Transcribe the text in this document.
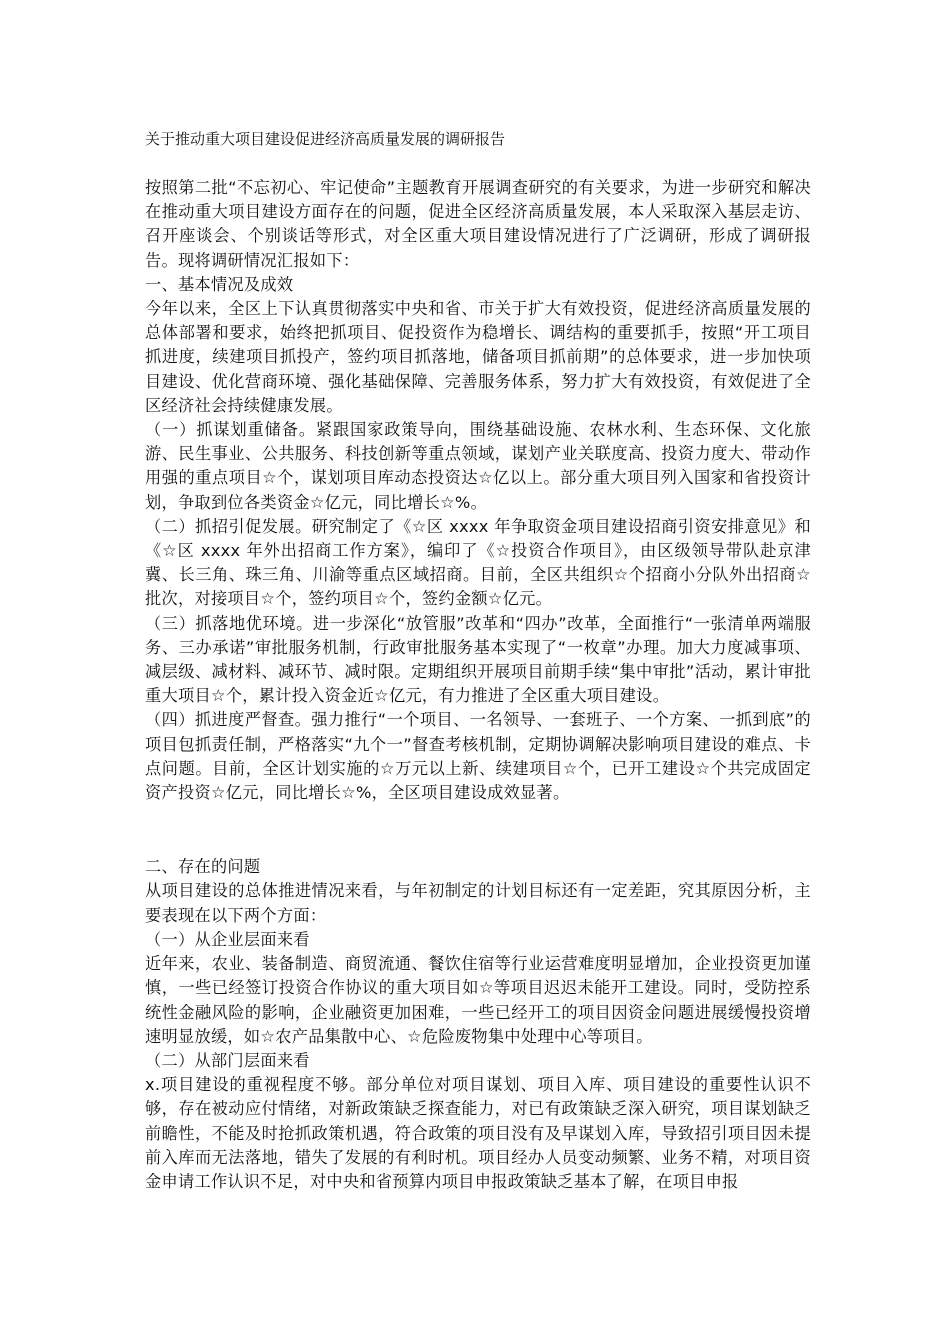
关于推动重大项目建设促进经济高质量发展的调研报告

按照第二批“不忘初心、牢记使命”主题教育开展调查研究的有关要求，为进一步研究和解决在推动重大项目建设方面存在的问题，促进全区经济高质量发展，本人采取深入基层走访、召开座谈会、个别谈话等形式，对全区重大项目建设情况进行了广泛调研，形成了调研报告。现将调研情况汇报如下：

一、基本情况及成效

今年以来，全区上下认真贯彻落实中央和省、市关于扩大有效投资，促进经济高质量发展的总体部署和要求，始终把抓项目、促投资作为稳增长、调结构的重要抓手，按照“开工项目抓进度，续建项目抓投产，签约项目抓落地，储备项目抓前期”的总体要求，进一步加快项目建设、优化营商环境、强化基础保障、完善服务体系，努力扩大有效投资，有效促进了全区经济社会持续健康发展。

（一）抓谋划重储备。紧跟国家政策导向，围绕基础设施、农林水利、生态环保、文化旅游、民生事业、公共服务、科技创新等重点领域，谋划产业关联度高、投资力度大、带动作用强的重点项目☆个，谋划项目库动态投资达☆亿以上。部分重大项目列入国家和省投资计划，争取到位各类资金☆亿元，同比增长☆%。

（二）抓招引促发展。研究制定了《☆区 xxxx 年争取资金项目建设招商引资安排意见》和《☆区 xxxx 年外出招商工作方案》，编印了《☆投资合作项目》，由区级领导带队赴京津冀、长三角、珠三角、川渝等重点区域招商。目前，全区共组织☆个招商小分队外出招商☆批次，对接项目☆个，签约项目☆个，签约金额☆亿元。

（三）抓落地优环境。进一步深化“放管服”改革和“四办”改革，全面推行“一张清单两端服务、三办承诺”审批服务机制，行政审批服务基本实现了“一枚章”办理。加大力度减事项、减层级、减材料、减环节、减时限。定期组织开展项目前期手续“集中审批”活动，累计审批重大项目☆个，累计投入资金近☆亿元，有力推进了全区重大项目建设。

（四）抓进度严督查。强力推行“一个项目、一名领导、一套班子、一个方案、一抓到底”的项目包抓责任制，严格落实“九个一”督查考核机制，定期协调解决影响项目建设的难点、卡点问题。目前，全区计划实施的☆万元以上新、续建项目☆个，已开工建设☆个共完成固定资产投资☆亿元，同比增长☆%，全区项目建设成效显著。

二、存在的问题

从项目建设的总体推进情况来看，与年初制定的计划目标还有一定差距，究其原因分析，主要表现在以下两个方面：

（一）从企业层面来看

近年来，农业、装备制造、商贸流通、餐饮住宿等行业运营难度明显增加，企业投资更加谨慎，一些已经签订投资合作协议的重大项目如☆等项目迟迟未能开工建设。同时，受防控系统性金融风险的影响，企业融资更加困难，一些已经开工的项目因资金问题进展缓慢投资增速明显放缓，如☆农产品集散中心、☆危险废物集中处理中心等项目。

（二）从部门层面来看

x.项目建设的重视程度不够。部分单位对项目谋划、项目入库、项目建设的重要性认识不够，存在被动应付情绪，对新政策缺乏探查能力，对已有政策缺乏深入研究，项目谋划缺乏前瞻性，不能及时抢抓政策机遇，符合政策的项目没有及早谋划入库，导致招引项目因未提前入库而无法落地，错失了发展的有利时机。项目经办人员变动频繁、业务不精，对项目资金申请工作认识不足，对中央和省预算内项目申报政策缺乏基本了解，在项目申报
